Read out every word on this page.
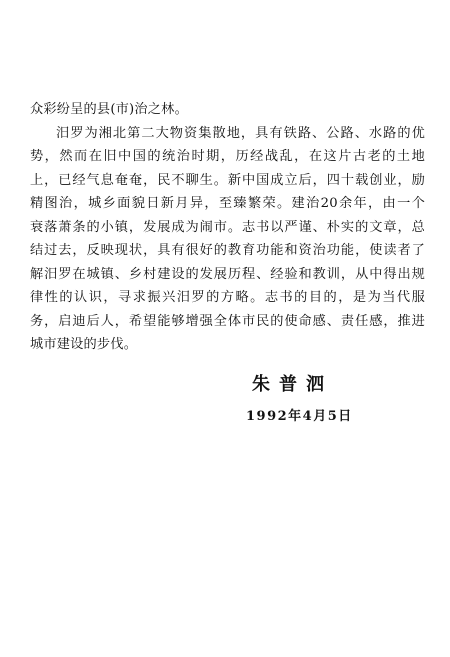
众彩纷呈的县(市)治之林。
汨罗为湘北第二大物资集散地，具有铁路、公路、水路的优
势，然而在旧中国的统治时期，历经战乱，在这片古老的土地
上，已经气息奄奄，民不聊生。新中国成立后，四十载创业，励
精图治，城乡面貌日新月异，至臻繁荣。建治20余年，由一个
衰落萧条的小镇，发展成为闹市。志书以严谨、朴实的文章，总
结过去，反映现状，具有很好的教育功能和资治功能，使读者了
解汨罗在城镇、乡村建设的发展历程、经验和教训，从中得出规
律性的认识，寻求振兴汨罗的方略。志书的目的，是为当代服
务，启迪后人，希望能够增强全体市民的使命感、责任感，推进
城市建设的步伐。
朱普泗
1992年4月5日
